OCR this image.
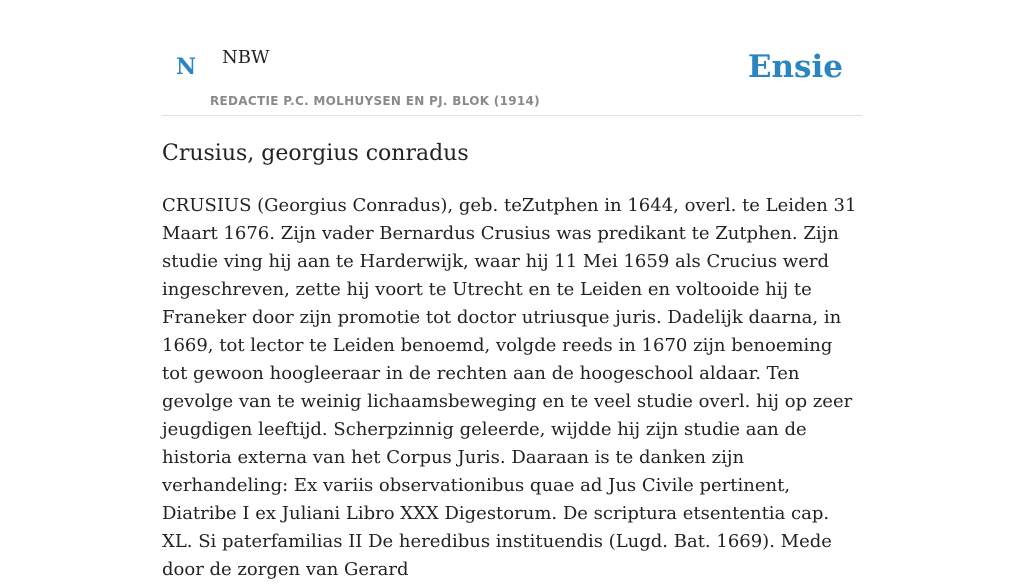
N NBW
REDACTIE P.C. MOLHUYSEN EN PJ. BLOK (1914)
Ensie
Crusius, georgius conradus

CRUSIUS (Georgius Conradus), geb. teZutphen in 1644, overl. te Leiden 31 Maart 1676. Zijn vader Bernardus Crusius was predikant te Zutphen. Zijn studie ving hij aan te Harderwijk, waar hij 11 Mei 1659 als Crucius werd ingeschreven, zette hij voort te Utrecht en te Leiden en voltooide hij te Franeker door zijn promotie tot doctor utriusque juris. Dadelijk daarna, in 1669, tot lector te Leiden benoemd, volgde reeds in 1670 zijn benoeming tot gewoon hoogleeraar in de rechten aan de hoogeschool aldaar. Ten gevolge van te weinig lichaamsbeweging en te veel studie overl. hij op zeer jeugdigen leeftijd. Scherpzinnig geleerde, wijdde hij zijn studie aan de historia externa van het Corpus Juris. Daaraan is te danken zijn verhandeling: Ex variis observationibus quae ad Jus Civile pertinent, Diatribe I ex Juliani Libro XXX Digestorum. De scriptura etsententia cap. XL. Si paterfamilias II De heredibus instituendis (Lugd. Bat. 1669). Mede door de zorgen van Gerard
